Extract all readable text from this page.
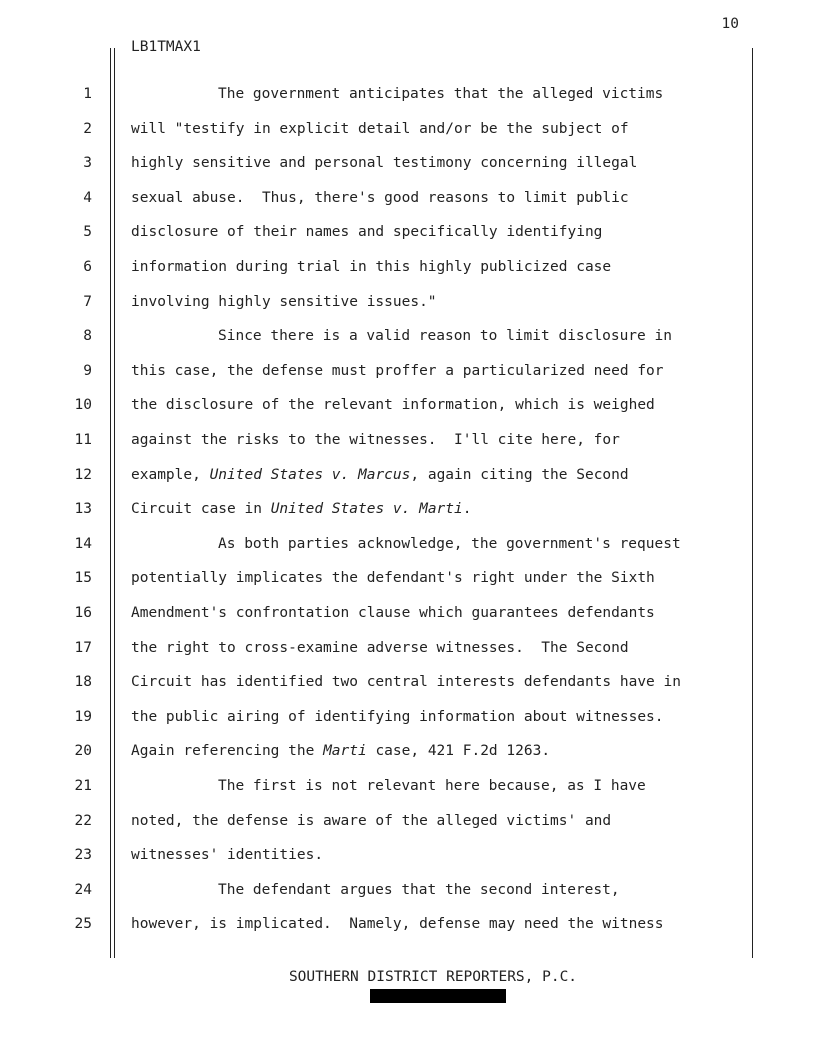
10
LB1TMAX1
1	The government anticipates that the alleged victims
2	will "testify in explicit detail and/or be the subject of
3	highly sensitive and personal testimony concerning illegal
4	sexual abuse.  Thus, there's good reasons to limit public
5	disclosure of their names and specifically identifying
6	information during trial in this highly publicized case
7	involving highly sensitive issues."
8	Since there is a valid reason to limit disclosure in
9	this case, the defense must proffer a particularized need for
10	the disclosure of the relevant information, which is weighed
11	against the risks to the witnesses.  I'll cite here, for
12	example, United States v. Marcus, again citing the Second
13	Circuit case in United States v. Marti.
14	As both parties acknowledge, the government's request
15	potentially implicates the defendant's right under the Sixth
16	Amendment's confrontation clause which guarantees defendants
17	the right to cross-examine adverse witnesses.  The Second
18	Circuit has identified two central interests defendants have in
19	the public airing of identifying information about witnesses.
20	Again referencing the Marti case, 421 F.2d 1263.
21	The first is not relevant here because, as I have
22	noted, the defense is aware of the alleged victims' and
23	witnesses' identities.
24	The defendant argues that the second interest,
25	however, is implicated.  Namely, defense may need the witness
SOUTHERN DISTRICT REPORTERS, P.C.
